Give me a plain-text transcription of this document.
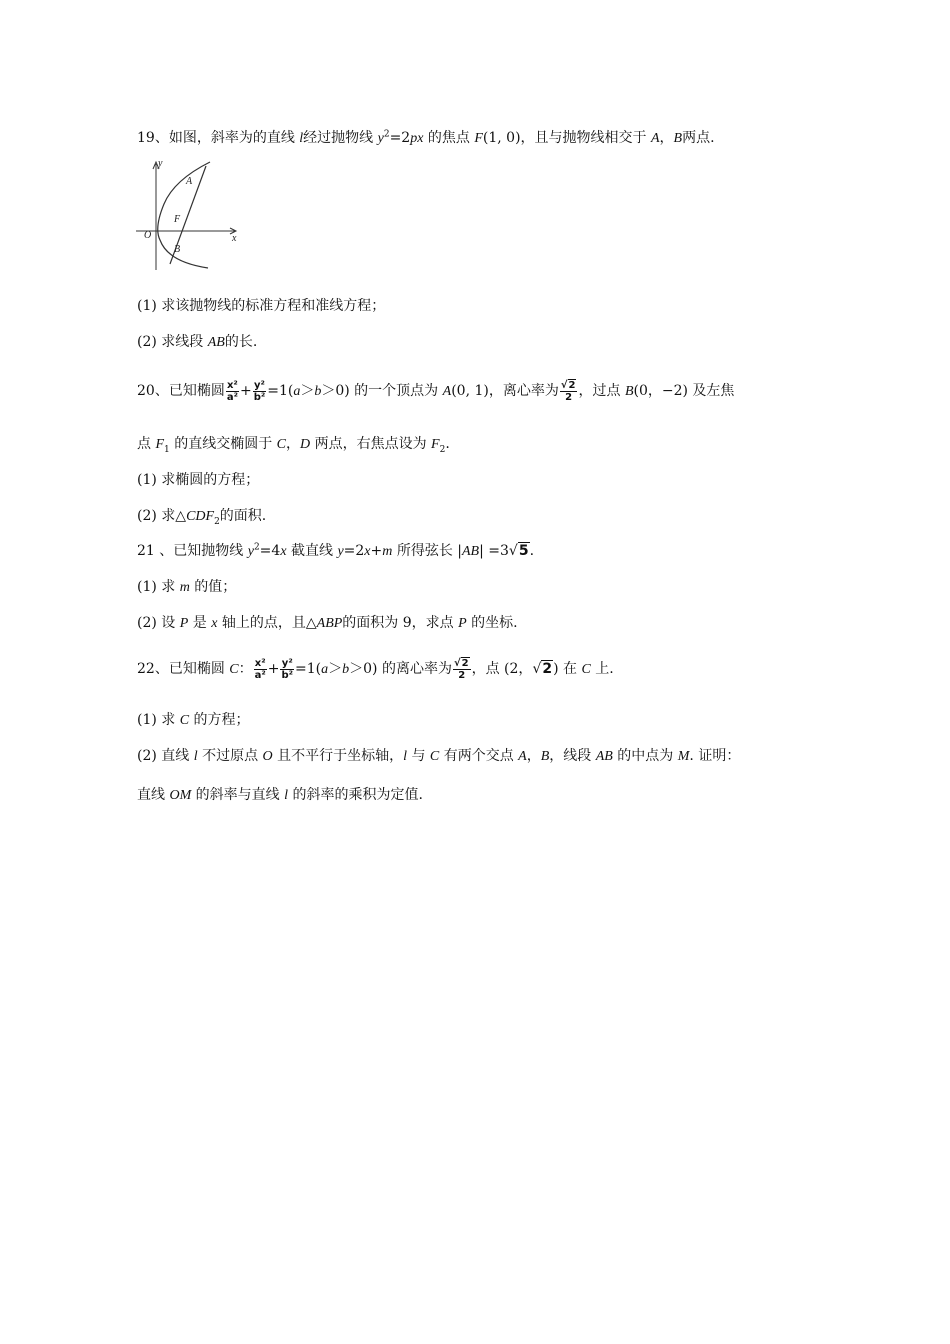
19、如图，斜率为的直线 l经过抛物线 $y^2=2px$ 的焦点 F(1, 0)，且与抛物线相交于 A，B两点.
y
A
F
O
B
x
(1) 求该抛物线的标准方程和准线方程；
(2) 求线段 AB的长.
20、已知椭圆 $\frac{\text{x²}}{\text{a²}} + \frac{\text{y²}}{\text{b²}} =1(a>b>0)$ 的一个顶点为 A(0, 1)，离心率为 $\frac{√2}{2}$ ，过点 B(0，−2) 及左焦
点 $F_1$ 的直线交椭圆于 C，D 两点，右焦点设为 $F_2$.
(1) 求椭圆的方程；
(2) 求$\triangle CDF_2$的面积.
21 、已知抛物线 $y^2=4x$ 截直线 y=2x+m 所得弦长 |AB| =3√5.
(1) 求 m 的值；
(2) 设 P 是 x 轴上的点，且△ABP的面积为 9，求点 P 的坐标.
22、已知椭圆 C： $\frac{\text{x²}}{\text{a²}} + \frac{\text{y²}}{\text{b²}} =1(a>b>0)$ 的离心率为 $\frac{√2}{2}$ ，点 (2，√2) 在 C 上.
(1) 求 C 的方程；
(2) 直线 l 不过原点 O 且不平行于坐标轴，l 与 C 有两个交点 A，B，线段 AB 的中点为 M. 证明：
直线 OM 的斜率与直线 l 的斜率的乘积为定值.
